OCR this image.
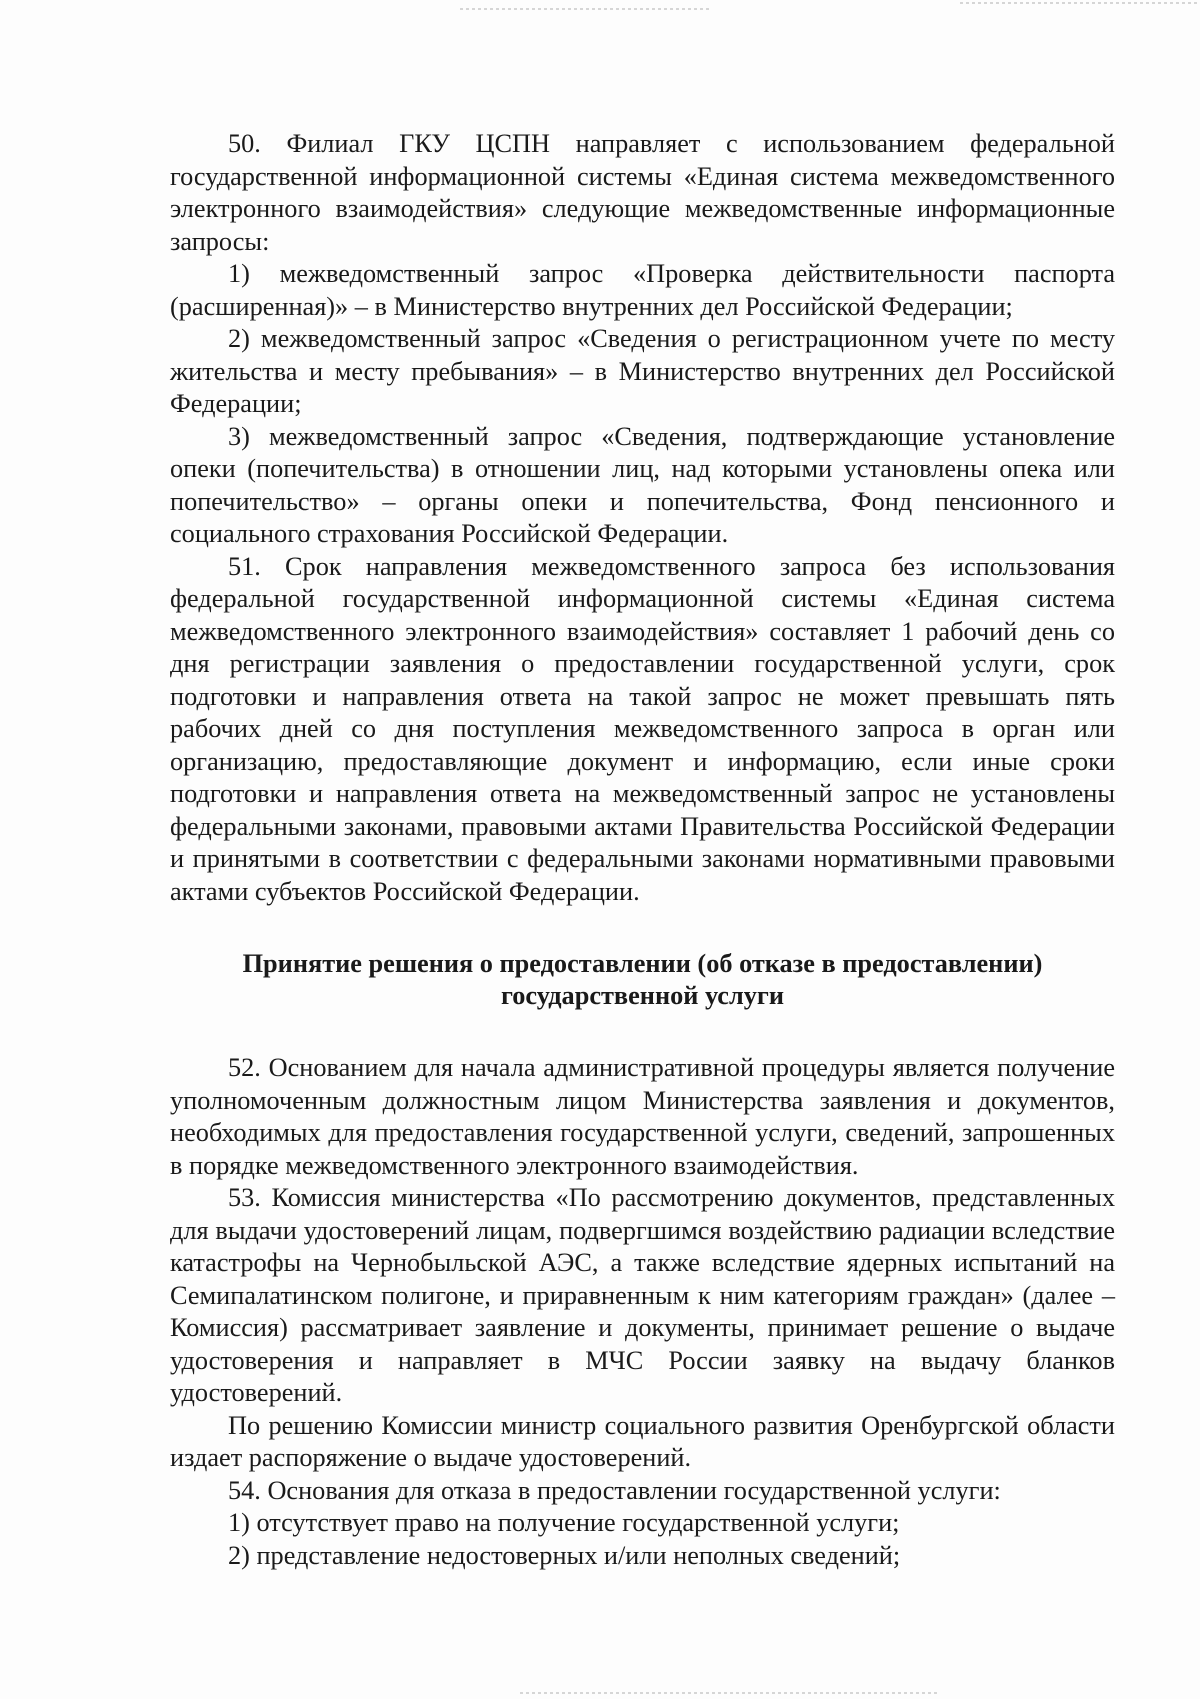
50. Филиал ГКУ ЦСПН направляет с использованием федеральной государственной информационной системы «Единая система межведомственного электронного взаимодействия» следующие межведомственные информационные запросы:

1) межведомственный запрос «Проверка действительности паспорта (расширенная)» – в Министерство внутренних дел Российской Федерации;

2) межведомственный запрос «Сведения о регистрационном учете по месту жительства и месту пребывания» – в Министерство внутренних дел Российской Федерации;

3) межведомственный запрос «Сведения, подтверждающие установление опеки (попечительства) в отношении лиц, над которыми установлены опека или попечительство» – органы опеки и попечительства, Фонд пенсионного и социального страхования Российской Федерации.

51. Срок направления межведомственного запроса без использования федеральной государственной информационной системы «Единая система межведомственного электронного взаимодействия» составляет 1 рабочий день со дня регистрации заявления о предоставлении государственной услуги, срок подготовки и направления ответа на такой запрос не может превышать пять рабочих дней со дня поступления межведомственного запроса в орган или организацию, предоставляющие документ и информацию, если иные сроки подготовки и направления ответа на межведомственный запрос не установлены федеральными законами, правовыми актами Правительства Российской Федерации и принятыми в соответствии с федеральными законами нормативными правовыми актами субъектов Российской Федерации.

Принятие решения о предоставлении (об отказе в предоставлении)
государственной услуги

52. Основанием для начала административной процедуры является получение уполномоченным должностным лицом Министерства заявления и документов, необходимых для предоставления государственной услуги, сведений, запрошенных в порядке межведомственного электронного взаимодействия.

53. Комиссия министерства «По рассмотрению документов, представленных для выдачи удостоверений лицам, подвергшимся воздействию радиации вследствие катастрофы на Чернобыльской АЭС, а также вследствие ядерных испытаний на Семипалатинском полигоне, и приравненным к ним категориям граждан» (далее – Комиссия) рассматривает заявление и документы, принимает решение о выдаче удостоверения и направляет в МЧС России заявку на выдачу бланков удостоверений.

По решению Комиссии министр социального развития Оренбургской области издает распоряжение о выдаче удостоверений.

54. Основания для отказа в предоставлении государственной услуги:

1) отсутствует право на получение государственной услуги;

2) представление недостоверных и/или неполных сведений;
